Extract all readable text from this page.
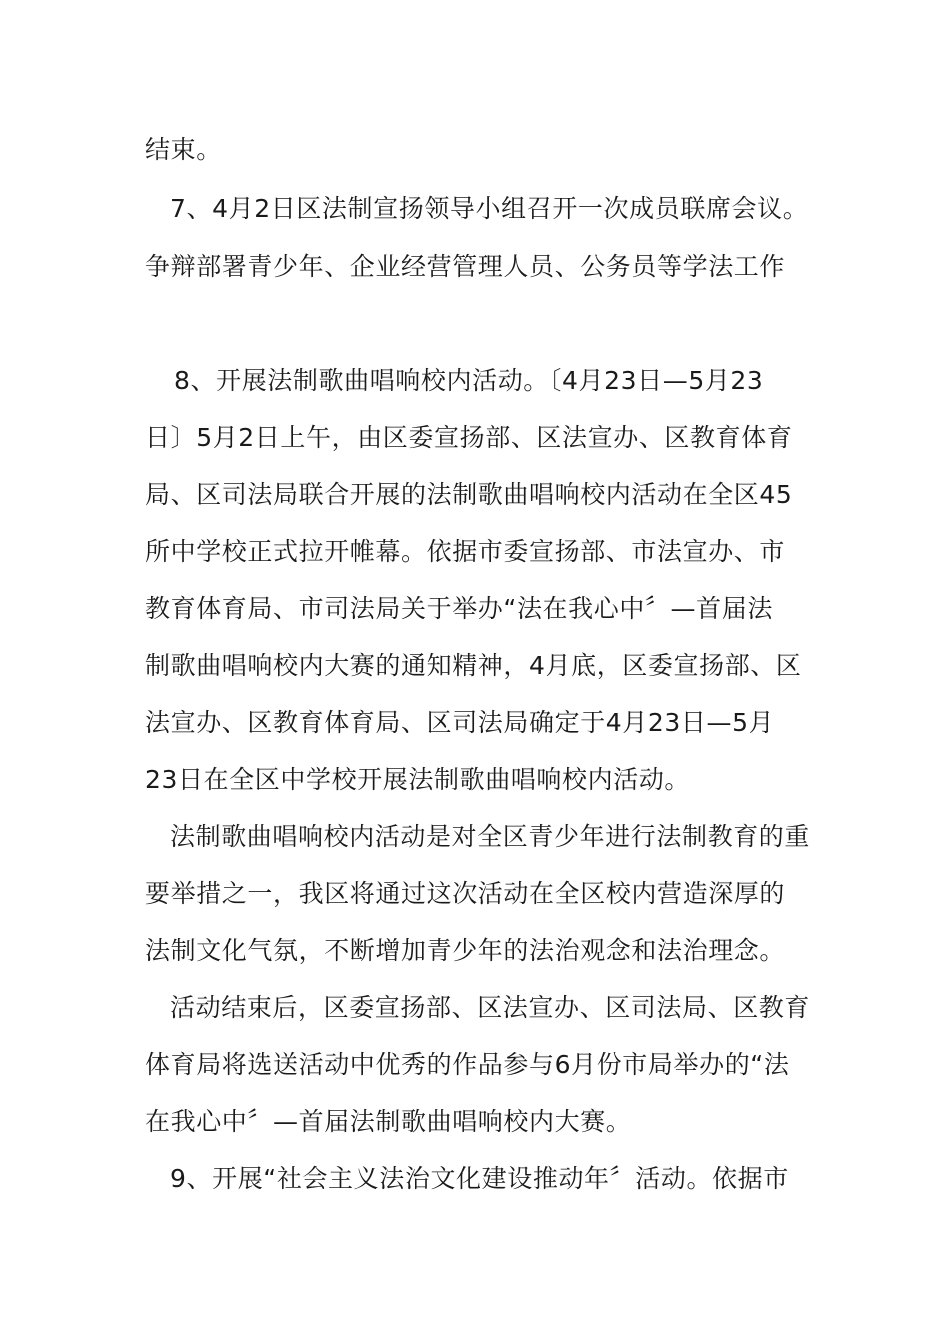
结束。
7、4月2日区法制宣扬领导小组召开一次成员联席会议。
争辩部署青少年、企业经营管理人员、公务员等学法工作
8、开展法制歌曲唱响校内活动。〔4月23日—5月23
日〕5月2日上午，由区委宣扬部、区法宣办、区教育体育
局、区司法局联合开展的法制歌曲唱响校内活动在全区45
所中学校正式拉开帷幕。依据市委宣扬部、市法宣办、市
教育体育局、市司法局关于举办“法在我心中〞—首届法
制歌曲唱响校内大赛的通知精神，4月底，区委宣扬部、区
法宣办、区教育体育局、区司法局确定于4月23日—5月
23日在全区中学校开展法制歌曲唱响校内活动。
法制歌曲唱响校内活动是对全区青少年进行法制教育的重
要举措之一，我区将通过这次活动在全区校内营造深厚的
法制文化气氛，不断增加青少年的法治观念和法治理念。
活动结束后，区委宣扬部、区法宣办、区司法局、区教育
体育局将选送活动中优秀的作品参与6月份市局举办的“法
在我心中〞—首届法制歌曲唱响校内大赛。
9、开展“社会主义法治文化建设推动年〞活动。依据市
